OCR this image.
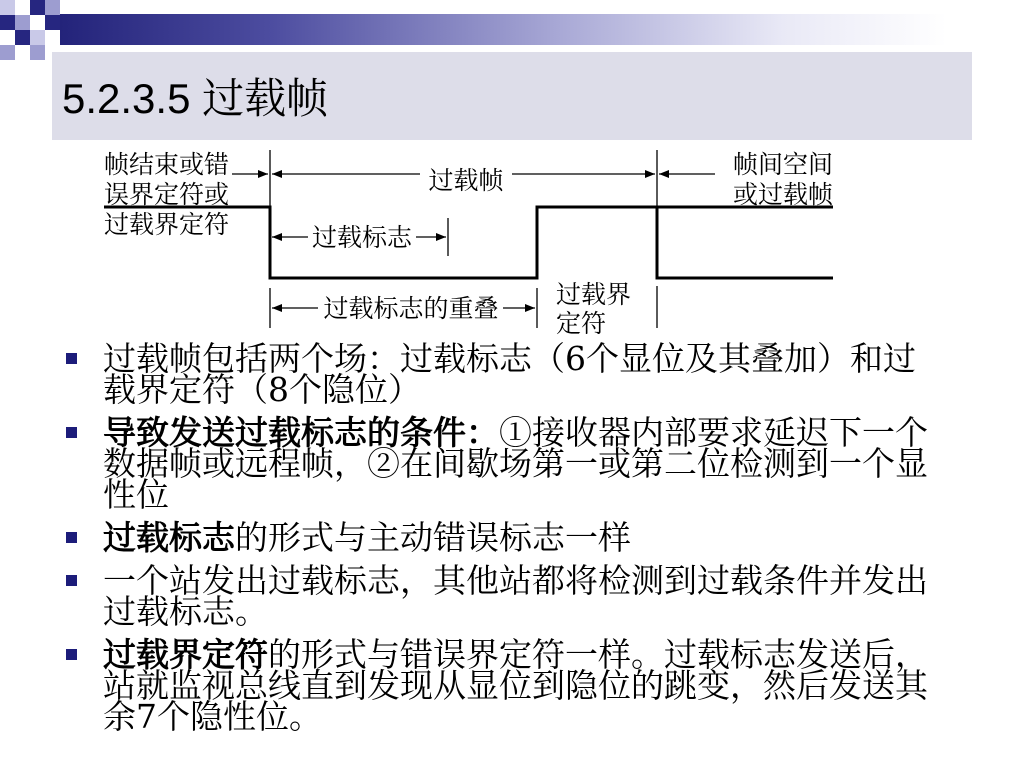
5.2.3.5 过载帧
帧结束或错
误界定符或
过载界定符
过载帧
帧间空间
或过载帧
过载标志
过载标志的重叠 过载界
定符
过载帧包括两个场：过载标志（6个显位及其叠加）和过
载界定符（8个隐位）
导致发送过载标志的条件：①接收器内部要求延迟下一个
数据帧或远程帧，②在间歇场第一或第二位检测到一个显
性位
过载标志的形式与主动错误标志一样
一个站发出过载标志，其他站都将检测到过载条件并发出
过载标志。
过载界定符的形式与错误界定符一样。过载标志发送后，
站就监视总线直到发现从显位到隐位的跳变，然后发送其
余7个隐性位。
